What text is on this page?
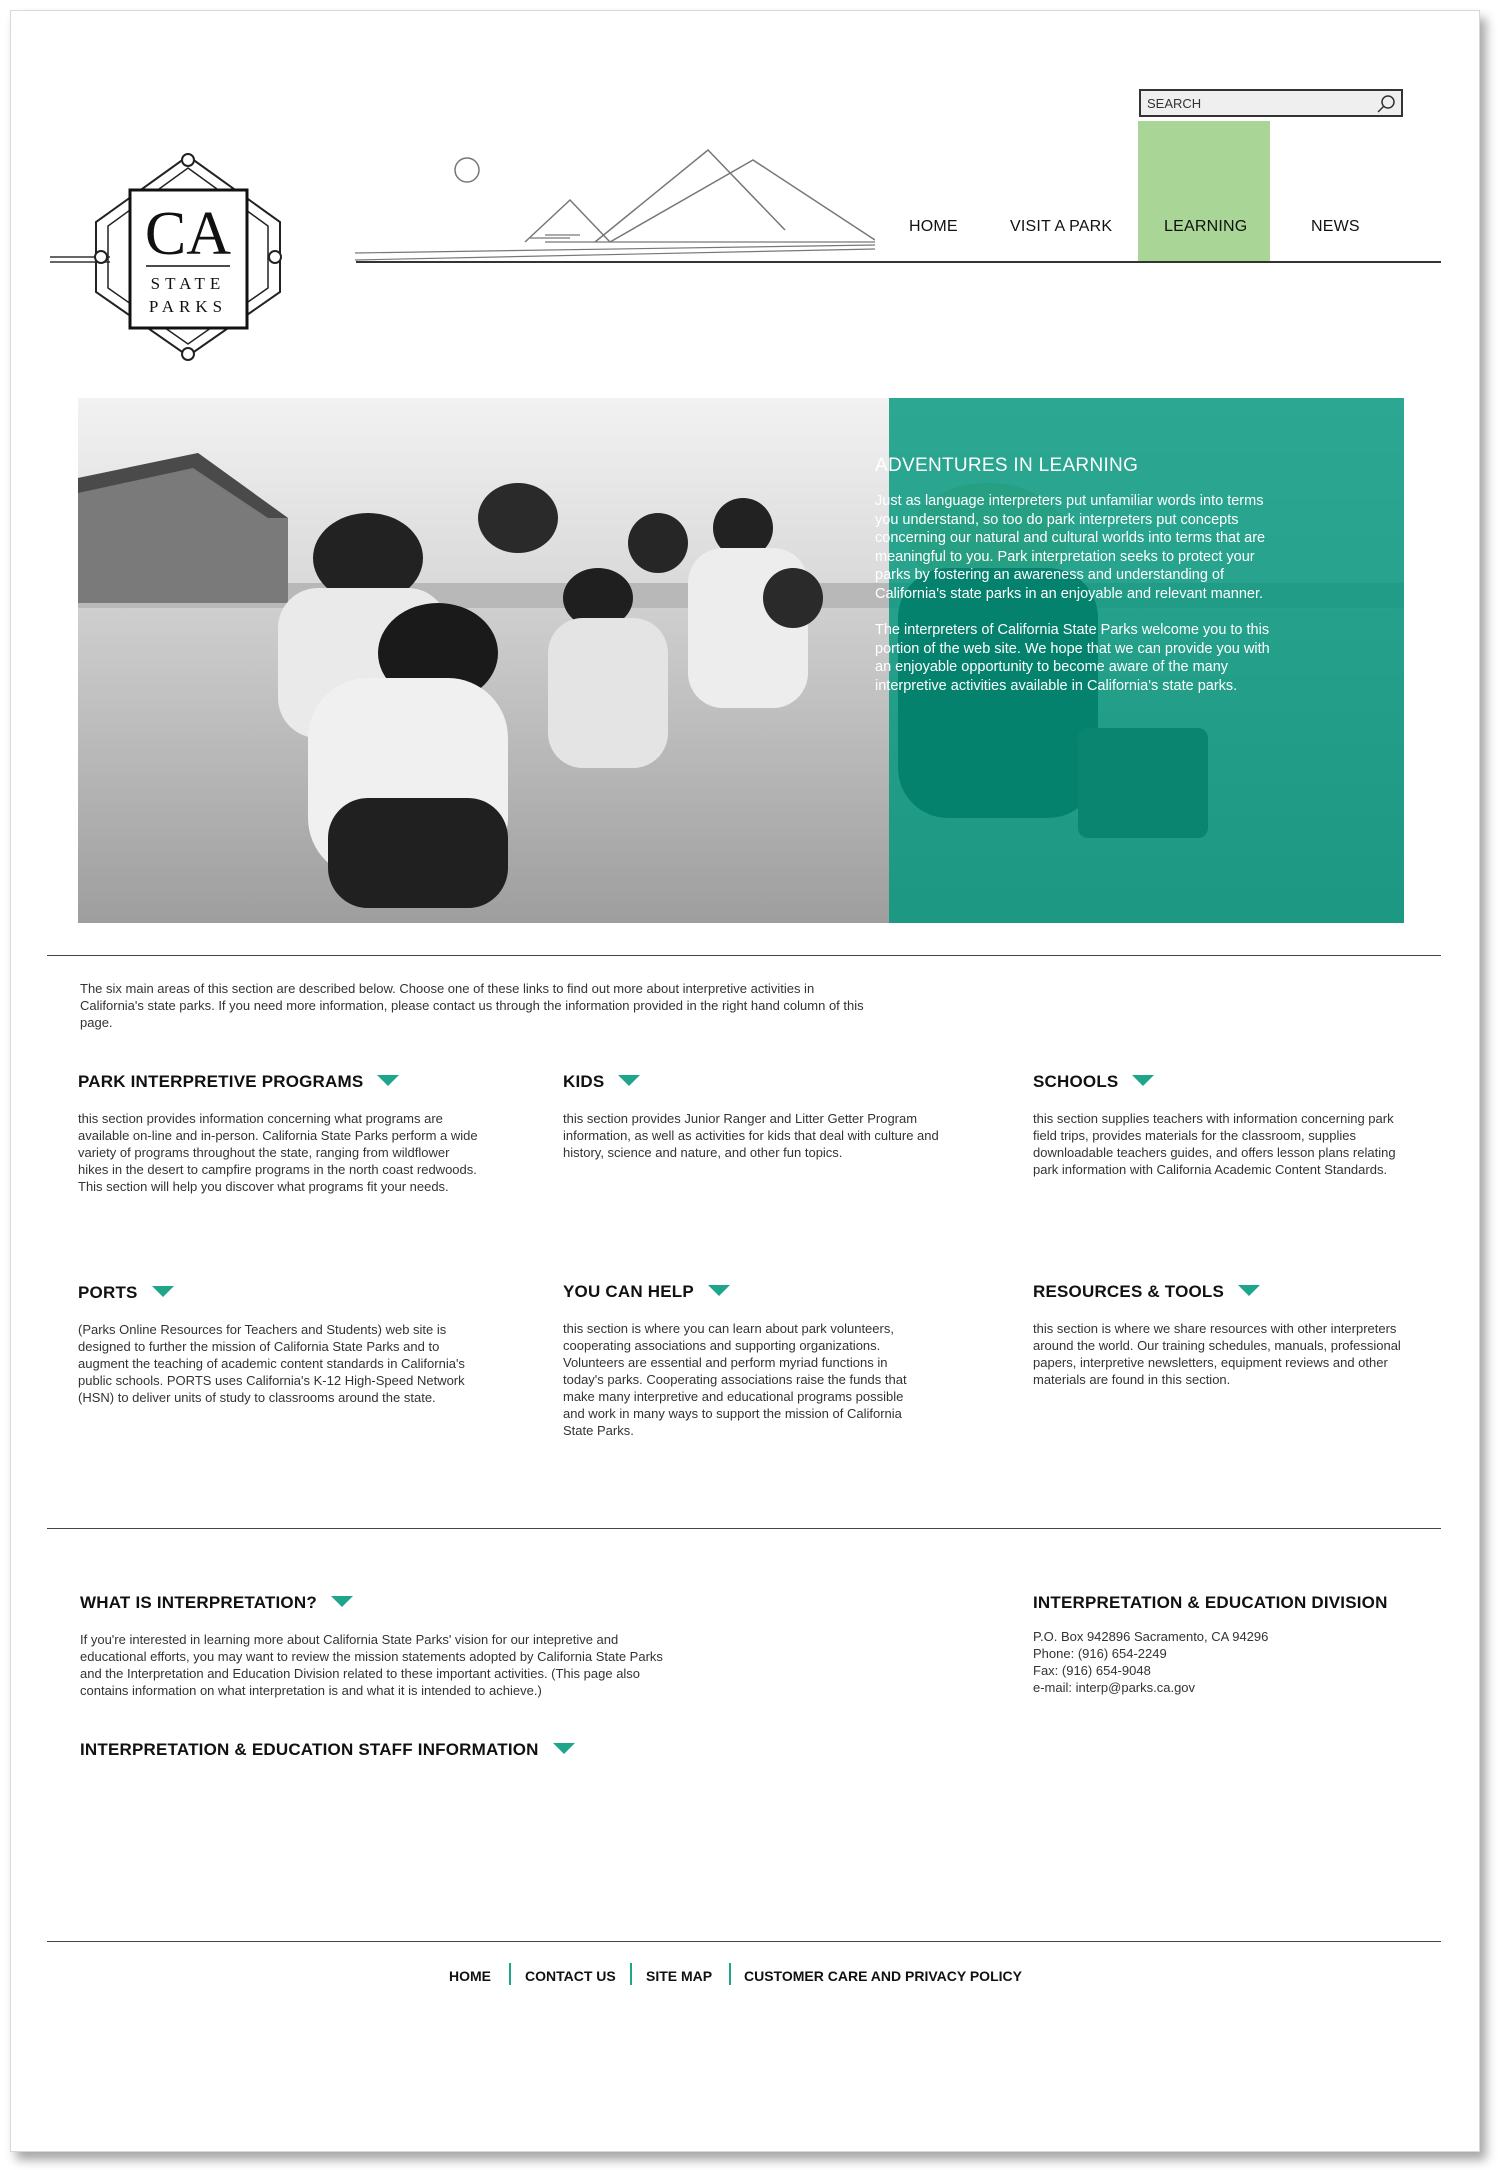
CA
STATE
PARKS
SEARCH
HOME	VISIT A PARK	LEARNING	NEWS
ADVENTURES IN LEARNING

Just as language interpreters put unfamiliar words into terms you understand, so too do park interpreters put concepts concerning our natural and cultural worlds into terms that are meaningful to you. Park interpretation seeks to protect your parks by fostering an awareness and understanding of California's state parks in an enjoyable and relevant manner.

The interpreters of California State Parks welcome you to this portion of the web site. We hope that we can provide you with an enjoyable opportunity to become aware of the many interpretive activities available in California's state parks.

The six main areas of this section are described below. Choose one of these links to find out more about interpretive activities in California's state parks. If you need more information, please contact us through the information provided in the right hand column of this page.
PARK INTERPRETIVE PROGRAMS
this section provides information concerning what programs are available on-line and in-person. California State Parks perform a wide variety of programs throughout the state, ranging from wildflower hikes in the desert to campfire programs in the north coast redwoods. This section will help you discover what programs fit your needs.
KIDS
this section provides Junior Ranger and Litter Getter Program information, as well as activities for kids that deal with culture and history, science and nature, and other fun topics.
SCHOOLS
this section supplies teachers with information concerning park field trips, provides materials for the classroom, supplies downloadable teachers guides, and offers lesson plans relating park information with California Academic Content Standards.
PORTS
(Parks Online Resources for Teachers and Students) web site is designed to further the mission of California State Parks and to augment the teaching of academic content standards in California's public schools. PORTS uses California's K-12 High-Speed Network (HSN) to deliver units of study to classrooms around the state.
YOU CAN HELP
this section is where you can learn about park volunteers, cooperating associations and supporting organizations. Volunteers are essential and perform myriad functions in today's parks. Cooperating associations raise the funds that make many interpretive and educational programs possible and work in many ways to support the mission of California State Parks.
RESOURCES & TOOLS
this section is where we share resources with other interpreters around the world. Our training schedules, manuals, professional papers, interpretive newsletters, equipment reviews and other materials are found in this section.
WHAT IS INTERPRETATION?
If you're interested in learning more about California State Parks' vision for our intepretive and educational efforts, you may want to review the mission statements adopted by California State Parks and the Interpretation and Education Division related to these important activities. (This page also contains information on what interpretation is and what it is intended to achieve.)
INTERPRETATION & EDUCATION STAFF INFORMATION
INTERPRETATION & EDUCATION DIVISION
P.O. Box 942896 Sacramento, CA 94296
Phone: (916) 654-2249
Fax: (916) 654-9048
e-mail: interp@parks.ca.gov
HOME CONTACT US SITE MAP CUSTOMER CARE AND PRIVACY POLICY
